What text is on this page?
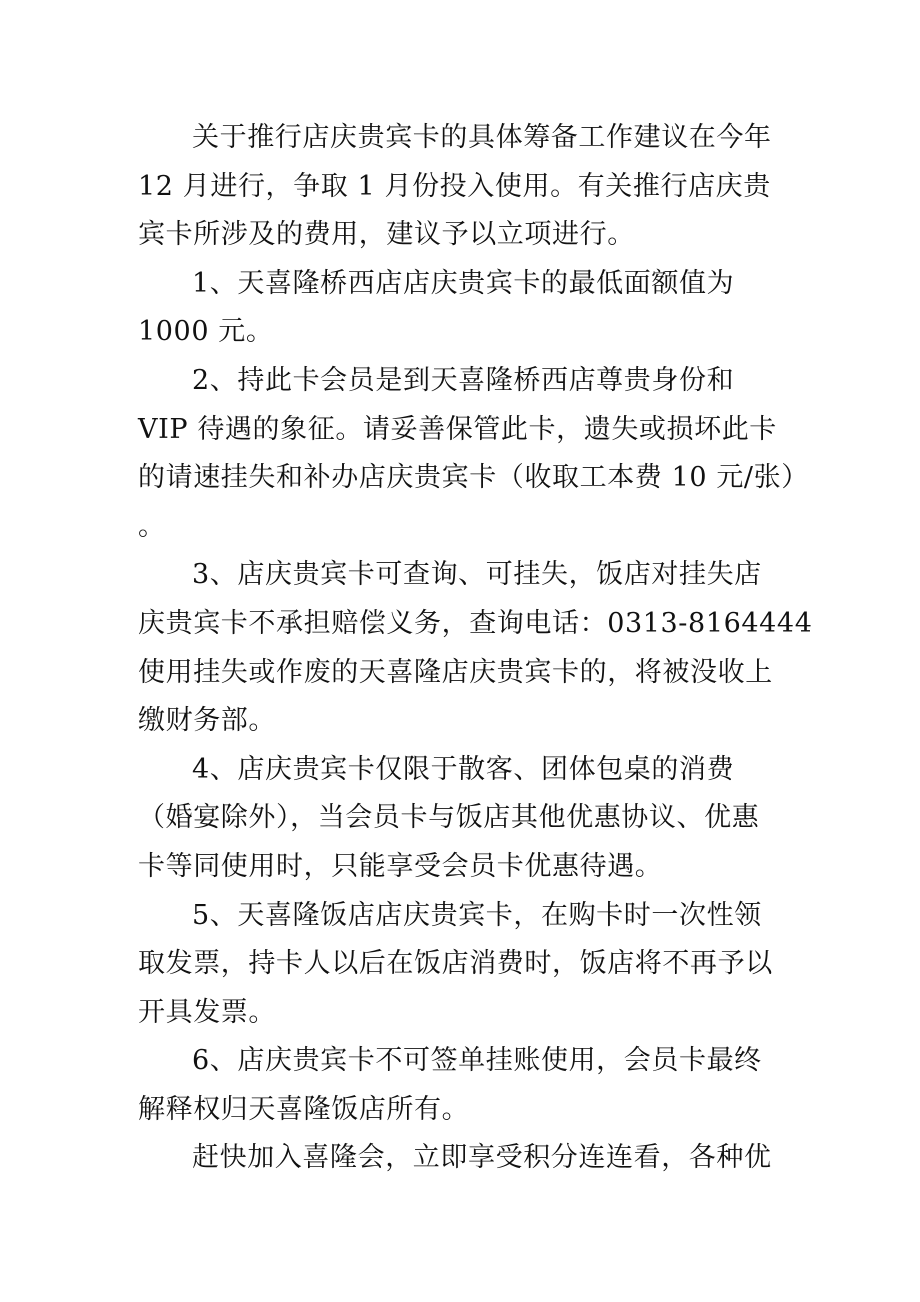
关于推行店庆贵宾卡的具体筹备工作建议在今年
12 月进行，争取 1 月份投入使用。有关推行店庆贵
宾卡所涉及的费用，建议予以立项进行。
1、天喜隆桥西店店庆贵宾卡的最低面额值为
1000 元。
2、持此卡会员是到天喜隆桥西店尊贵身份和
VIP 待遇的象征。请妥善保管此卡，遗失或损坏此卡
的请速挂失和补办店庆贵宾卡（收取工本费 10 元/张）
。
3、店庆贵宾卡可查询、可挂失，饭店对挂失店
庆贵宾卡不承担赔偿义务，查询电话：0313-8164444
使用挂失或作废的天喜隆店庆贵宾卡的，将被没收上
缴财务部。
4、店庆贵宾卡仅限于散客、团体包桌的消费
（婚宴除外），当会员卡与饭店其他优惠协议、优惠
卡等同使用时，只能享受会员卡优惠待遇。
5、天喜隆饭店店庆贵宾卡，在购卡时一次性领
取发票，持卡人以后在饭店消费时，饭店将不再予以
开具发票。
6、店庆贵宾卡不可签单挂账使用，会员卡最终
解释权归天喜隆饭店所有。
赶快加入喜隆会，立即享受积分连连看，各种优
